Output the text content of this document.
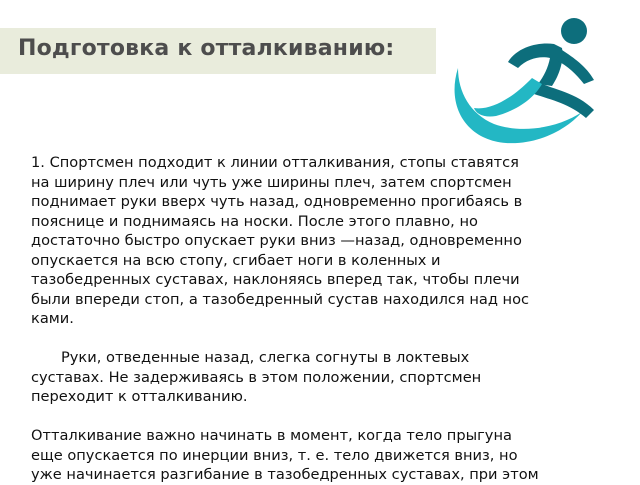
Подготовка к отталкиванию:

1. Спортсмен подходит к линии отталкивания, стопы ставятся
на ширину плеч или чуть уже ширины плеч, затем спортсмен
поднимает руки вверх чуть назад, одновременно прогибаясь в
пояснице и поднимаясь на носки. После этого плавно, но
достаточно быстро опускает руки вниз —назад, одновременно
опускается на всю стопу, сгибает ноги в коленных и
тазобедренных суставах, наклоняясь вперед так, чтобы плечи
были впереди стоп, а тазобедренный сустав находился над нос
ками.

Руки, отведенные назад, слегка согнуты в локтевых
суставах. Не задерживаясь в этом положении, спортсмен
переходит к отталкиванию.

Отталкивание важно начинать в момент, когда тело прыгуна
еще опускается по инерции вниз, т. е. тело движется вниз, но
уже начинается разгибание в тазобедренных суставах, при этом
